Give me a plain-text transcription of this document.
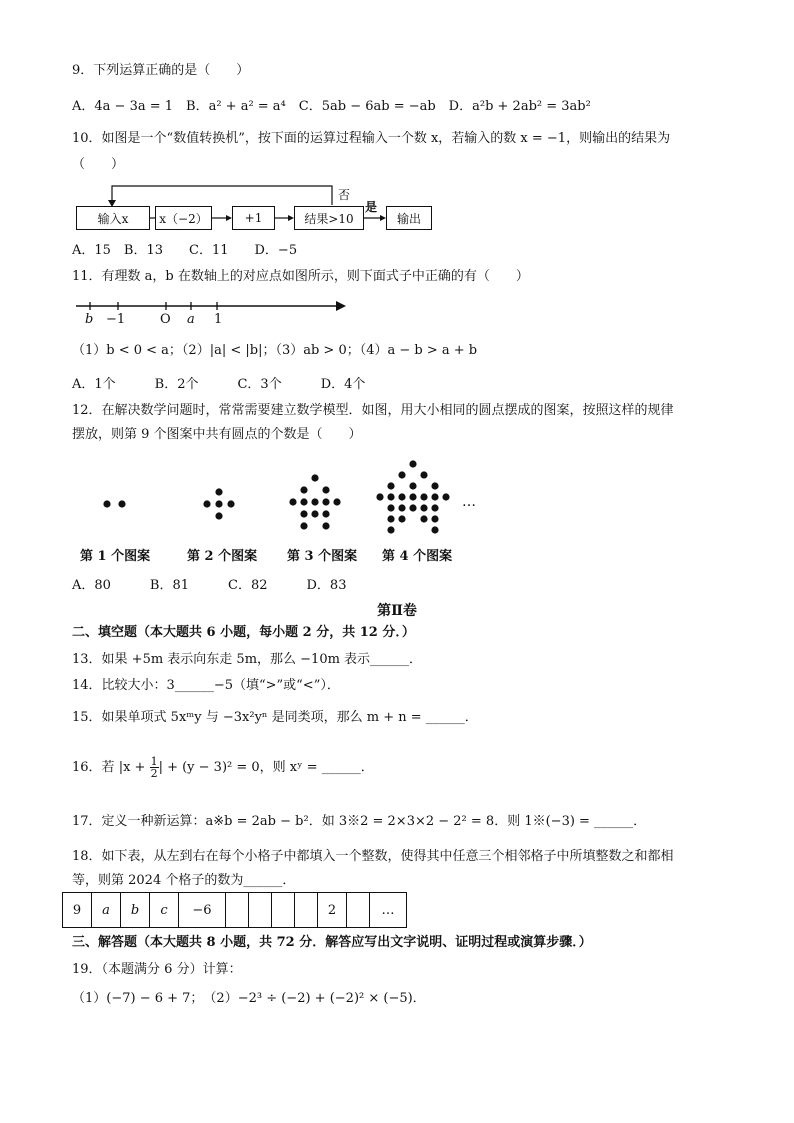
9．下列运算正确的是（　　）
A．4a − 3a = 1　B．a² + a² = a⁴　C．5ab − 6ab = −ab　D．a²b + 2ab² = 3ab²
10．如图是一个“数值转换机”，按下面的运算过程输入一个数 x，若输入的数 x = −1，则输出的结果为
（　　）
输入x	x（−2）	+1	结果>10	输出
否
是
A．15　B．13　　C．11　　D．−5
11．有理数 a，b 在数轴上的对应点如图所示，则下面式子中正确的有（　　）
b −1	O a 1
（1）b < 0 < a；（2）|a| < |b|；（3）ab > 0；（4）a − b > a + b
A．1个　　　B．2个　　　C．3个　　　D．4个
12．在解决数学问题时，常常需要建立数学模型．如图，用大小相同的圆点摆成的图案，按照这样的规律
摆放，则第 9 个图案中共有圆点的个数是（　　）
…
第 1 个图案	第 2 个图案 第 3 个图案 第 4 个图案
A．80　　　B．81　　　C．82　　　D．83
第Ⅱ卷
二、填空题（本大题共 6 小题，每小题 2 分，共 12 分．）
13．如果 +5m 表示向东走 5m，那么 −10m 表示______．
14．比较大小：3______−5（填“>”或“<”）．
15．如果单项式 5xᵐy 与 −3x²yⁿ 是同类项，那么 m + n = ______．
16．若 $|x + \frac{1}{2}$ | + (y − 3)² = 0，则 xʸ = ______．
17．定义一种新运算：a※b = 2ab − b²．如 3※2 = 2×3×2 − 2² = 8．则 1※(−3) = ______．
18．如下表，从左到右在每个小格子中都填入一个整数，使得其中任意三个相邻格子中所填整数之和都相
等，则第 2024 个格子的数为______．
9	a	b	c	−6					2		…
三、解答题（本大题共 8 小题，共 72 分．解答应写出文字说明、证明过程或演算步骤．）
19．（本题满分 6 分）计算：
（1）(−7) − 6 + 7；　（2）−2³ ÷ (−2) + (−2)² × (−5)．
